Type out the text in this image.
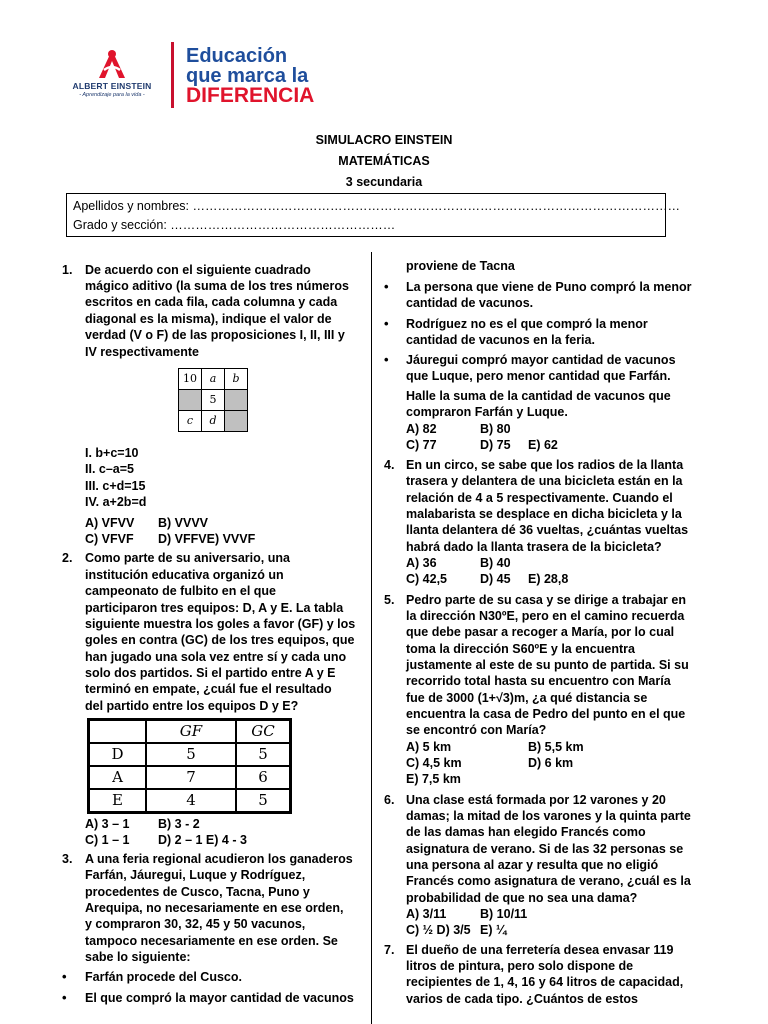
ALBERT EINSTEIN
- Aprendizaje para la vida -
Educación
que marca la
DIFERENCIA
SIMULACRO EINSTEIN
MATEMÁTICAS
3 secundaria
Apellidos y nombres: ………………………………………………………………………………………………………
Grado y sección: ………………………………………………
1.	De acuerdo con el siguiente cuadrado
mágico aditivo (la suma de los tres números
escritos en cada fila, cada columna y cada
diagonal es la misma), indique el valor de
verdad (V o F) de las proposiciones I, II, III y
IV respectivamente
10	a	b
	5	
c	d	
I. b+c=10
II. c–a=5
III. c+d=15
IV. a+2b=d
A) VFVV B) VVVV
C) VFVF D) VFFVE) VVVF
2.	Como parte de su aniversario, una
institución educativa organizó un
campeonato de fulbito en el que
participaron tres equipos: D, A y E. La tabla
siguiente muestra los goles a favor (GF) y los
goles en contra (GC) de los tres equipos, que
han jugado una sola vez entre sí y cada uno
solo dos partidos. Si el partido entre A y E
terminó en empate, ¿cuál fue el resultado
del partido entre los equipos D y E?
	GF	GC
D	5	5
A	7	6
E	4	5
A) 3 – 1 B) 3 - 2
C) 1 – 1 D) 2 – 1 E) 4 - 3
3.	A una feria regional acudieron los ganaderos
Farfán, Jáuregui, Luque y Rodríguez,
procedentes de Cusco, Tacna, Puno y
Arequipa, no necesariamente en ese orden,
y compraron 30, 32, 45 y 50 vacunos,
tampoco necesariamente en ese orden. Se
sabe lo siguiente:
• Farfán procede del Cusco.
• El que compró la mayor cantidad de vacunos
proviene de Tacna
• La persona que viene de Puno compró la menor
cantidad de vacunos.
• Rodríguez no es el que compró la menor
cantidad de vacunos en la feria.
• Jáuregui compró mayor cantidad de vacunos
que Luque, pero menor cantidad que Farfán.
Halle la suma de la cantidad de vacunos que
compraron Farfán y Luque.
A) 82	B) 80
C) 77	D) 75 E) 62
4. En un circo, se sabe que los radios de la llanta
trasera y delantera de una bicicleta están en la
relación de 4 a 5 respectivamente. Cuando el
malabarista se desplace en dicha bicicleta y la
llanta delantera dé 36 vueltas, ¿cuántas vueltas
habrá dado la llanta trasera de la bicicleta?
A) 36	B) 40
C) 42,5	D) 45 E) 28,8
5. Pedro parte de su casa y se dirige a trabajar en
la dirección N30ºE, pero en el camino recuerda
que debe pasar a recoger a María, por lo cual
toma la dirección S60ºE y la encuentra
justamente al este de su punto de partida. Si su
recorrido total hasta su encuentro con María
fue de 3000 (1+√3)m, ¿a qué distancia se
encuentra la casa de Pedro del punto en el que
se encontró con María?
A) 5 km	B) 5,5 km
C) 4,5 km	D) 6 km
E) 7,5 km
6. Una clase está formada por 12 varones y 20
damas; la mitad de los varones y la quinta parte
de las damas han elegido Francés como
asignatura de verano. Si de las 32 personas se
una persona al azar y resulta que no eligió
Francés como asignatura de verano, ¿cuál es la
probabilidad de que no sea una dama?
A) 3/11	B) 10/11
C) ½ D) 3/5 E) ¼
7. El dueño de una ferretería desea envasar 119
litros de pintura, pero solo dispone de
recipientes de 1, 4, 16 y 64 litros de capacidad,
varios de cada tipo. ¿Cuántos de estos
